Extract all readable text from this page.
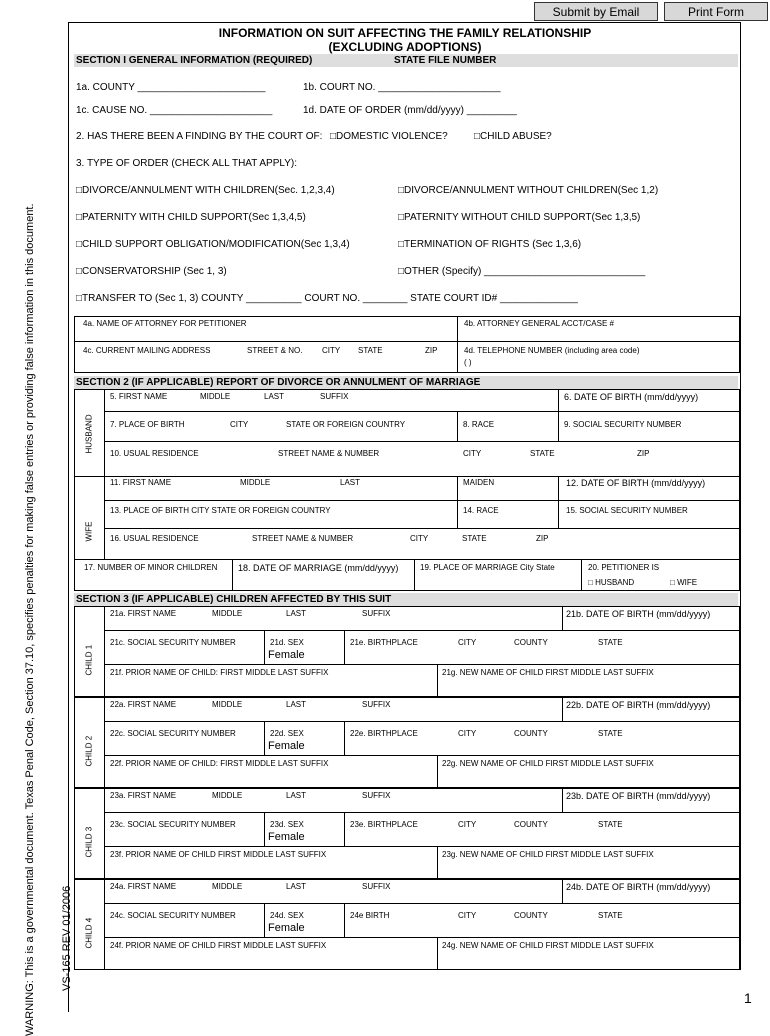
Submit by Email	Print Form
WARNING: This is a governmental document. Texas Penal Code, Section 37.10, specifies penalties for making false entries or providing false information in this document. VS-165 REV 01/2006
INFORMATION ON SUIT AFFECTING THE FAMILY RELATIONSHIP
(EXCLUDING ADOPTIONS)
SECTION I GENERAL INFORMATION (REQUIRED)	STATE FILE NUMBER
1a. COUNTY _______________________	1b. COURT NO. ______________________
1c. CAUSE NO. ______________________	1d. DATE OF ORDER (mm/dd/yyyy) _________
2. HAS THERE BEEN A FINDING BY THE COURT OF:	□ DOMESTIC VIOLENCE?	□ CHILD ABUSE?
3. TYPE OF ORDER (CHECK ALL THAT APPLY):
□ DIVORCE/ANNULMENT WITH CHILDREN(Sec. 1,2,3,4)	□ DIVORCE/ANNULMENT WITHOUT CHILDREN(Sec 1,2)
□ PATERNITY WITH CHILD SUPPORT(Sec 1,3,4,5)	□ PATERNITY WITHOUT CHILD SUPPORT(Sec 1,3,5)
□ CHILD SUPPORT OBLIGATION/MODIFICATION(Sec 1,3,4)	□ TERMINATION OF RIGHTS (Sec 1,3,6)
□ CONSERVATORSHIP (Sec 1, 3)	□ OTHER (Specify) _____________________________
□ TRANSFER TO (Sec 1, 3) COUNTY __________ COURT NO. ________ STATE COURT ID# ______________
4a. NAME OF ATTORNEY FOR PETITIONER	4b. ATTORNEY GENERAL ACCT/CASE #
4c. CURRENT MAILING ADDRESS	STREET & NO. CITY STATE	ZIP	4d. TELEPHONE NUMBER (including area code)
( )
SECTION 2 (IF APPLICABLE) REPORT OF DIVORCE OR ANNULMENT OF MARRIAGE
HUSBAND
5. FIRST NAME	MIDDLE	LAST	SUFFIX	6. DATE OF BIRTH (mm/dd/yyyy)
7. PLACE OF BIRTH	CITY	STATE OR FOREIGN COUNTRY	8. RACE	9. SOCIAL SECURITY NUMBER
10. USUAL RESIDENCE	STREET NAME & NUMBER	CITY	STATE	ZIP
WIFE
11. FIRST NAME	MIDDLE	LAST	MAIDEN	12. DATE OF BIRTH (mm/dd/yyyy)
13. PLACE OF BIRTH CITY STATE OR FOREIGN COUNTRY	14. RACE	15. SOCIAL SECURITY NUMBER
16. USUAL RESIDENCE	STREET NAME & NUMBER	CITY	STATE	ZIP
17. NUMBER OF MINOR CHILDREN 18. DATE OF MARRIAGE (mm/dd/yyyy)	19. PLACE OF MARRIAGE City State	20. PETITIONER IS
□ HUSBAND	□ WIFE
SECTION 3 (IF APPLICABLE) CHILDREN AFFECTED BY THIS SUIT
CHILD 1
21a. FIRST NAME	MIDDLE	LAST	SUFFIX	21b. DATE OF BIRTH (mm/dd/yyyy)
21c. SOCIAL SECURITY NUMBER	21d. SEX
Female
21e. BIRTHPLACE	CITY	COUNTY	STATE
21f. PRIOR NAME OF CHILD: FIRST MIDDLE LAST SUFFIX	21g. NEW NAME OF CHILD FIRST MIDDLE LAST SUFFIX
CHILD 2
22a. FIRST NAME	MIDDLE	LAST	SUFFIX	22b. DATE OF BIRTH (mm/dd/yyyy)
22c. SOCIAL SECURITY NUMBER	22d. SEX
Female
22e. BIRTHPLACE	CITY	COUNTY	STATE
22f. PRIOR NAME OF CHILD: FIRST MIDDLE LAST SUFFIX	22g. NEW NAME OF CHILD FIRST MIDDLE LAST SUFFIX
CHILD 3
23a. FIRST NAME	MIDDLE	LAST	SUFFIX	23b. DATE OF BIRTH (mm/dd/yyyy)
23c. SOCIAL SECURITY NUMBER	23d. SEX
Female
23e. BIRTHPLACE	CITY	COUNTY	STATE
23f. PRIOR NAME OF CHILD FIRST MIDDLE LAST SUFFIX	23g. NEW NAME OF CHILD FIRST MIDDLE LAST SUFFIX
CHILD 4
24a. FIRST NAME	MIDDLE	LAST	SUFFIX	24b. DATE OF BIRTH (mm/dd/yyyy)
24c. SOCIAL SECURITY NUMBER	24d. SEX
Female
24e BIRTH	CITY	COUNTY	STATE
24f. PRIOR NAME OF CHILD FIRST MIDDLE LAST SUFFIX	24g. NEW NAME OF CHILD FIRST MIDDLE LAST SUFFIX
1
